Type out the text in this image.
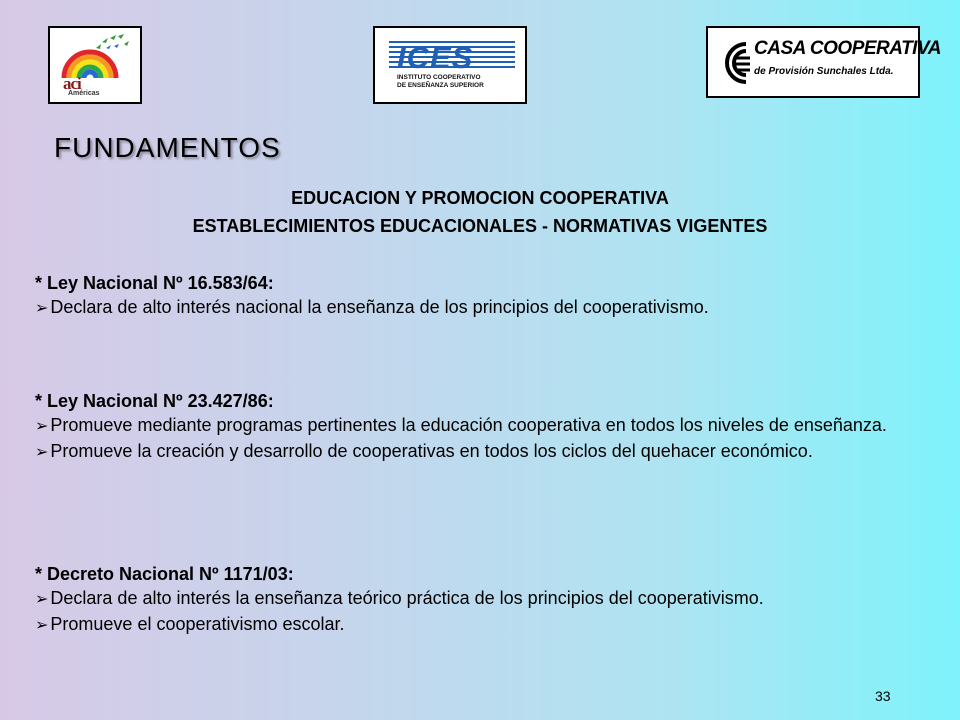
aci
Américas
ICES
INSTITUTO COOPERATIVO
DE ENSEÑANZA SUPERIOR
CASA COOPERATIVA
de Provisión Sunchales Ltda.
FUNDAMENTOS
EDUCACION Y PROMOCION COOPERATIVA
ESTABLECIMIENTOS EDUCACIONALES - NORMATIVAS VIGENTES

* Ley Nacional Nº 16.583/64:

➢ Declara de alto interés nacional la enseñanza de los principios del cooperativismo.

* Ley Nacional Nº 23.427/86:

➢ Promueve mediante programas pertinentes la educación cooperativa en todos los niveles de enseñanza.

➢ Promueve la creación y desarrollo de cooperativas en todos los ciclos del quehacer económico.

* Decreto Nacional Nº 1171/03:

➢ Declara de alto interés la enseñanza teórico práctica de los principios del cooperativismo.

➢ Promueve el cooperativismo escolar.

33
